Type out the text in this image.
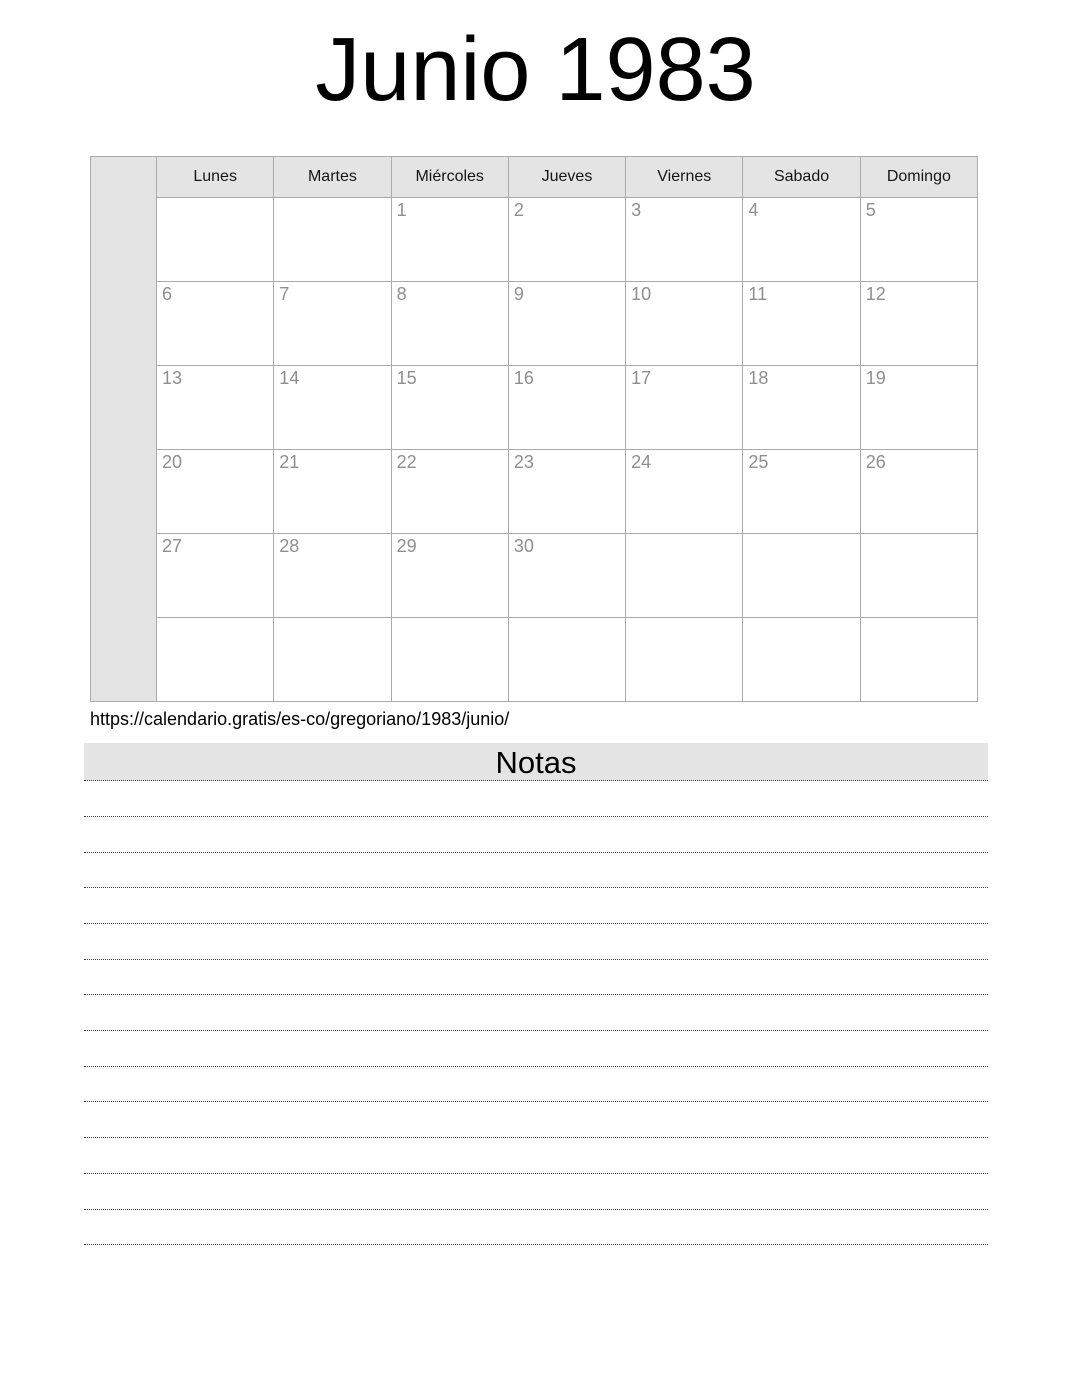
Junio 1983
	Lunes	Martes	Miércoles	Jueves	Viernes	Sabado	Domingo
			1	2	3	4	5
	6	7	8	9	10	11	12
	13	14	15	16	17	18	19
	20	21	22	23	24	25	26
	27	28	29	30			

https://calendario.gratis/es-co/gregoriano/1983/junio/
Notas
